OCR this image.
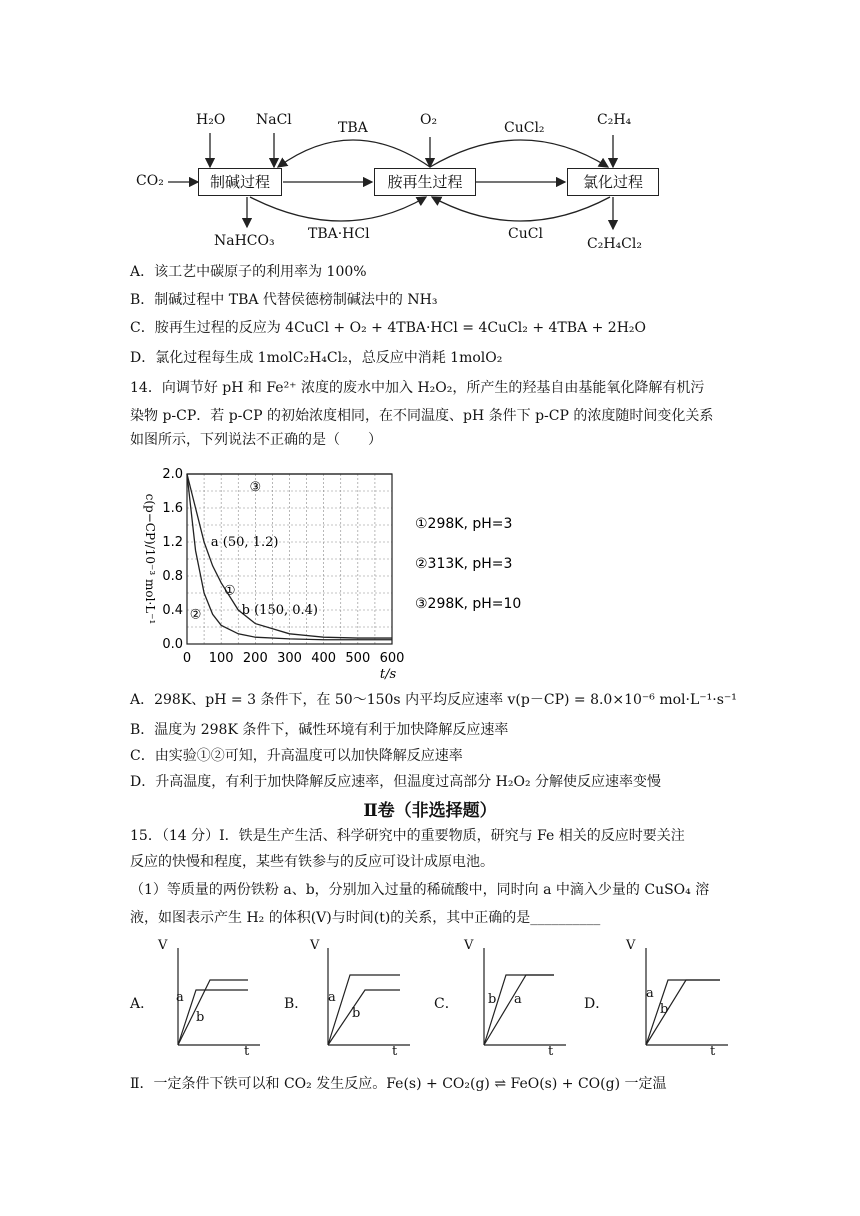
制碱过程	胺再生过程	氯化过程
CO₂
H₂O NaCl
NaHCO₃
TBA
TBA·HCl
O₂	CuCl₂
CuCl
C₂H₄
C₂H₄Cl₂
A．该工艺中碳原子的利用率为 100%
B．制碱过程中 TBA 代替侯德榜制碱法中的 NH₃
C．胺再生过程的反应为 4CuCl + O₂ + 4TBA·HCl = 4CuCl₂ + 4TBA + 2H₂O
D．氯化过程每生成 1molC₂H₄Cl₂，总反应中消耗 1molO₂
14．向调节好 pH 和 Fe²⁺ 浓度的废水中加入 H₂O₂，所产生的羟基自由基能氧化降解有机污
染物 p-CP．若 p-CP 的初始浓度相同，在不同温度、pH 条件下 p-CP 的浓度随时间变化关系
如图所示，下列说法不正确的是（　　）
0 100 200 300 400 500 600
0.0
0.4
0.8
1.2
1.6
2.0
t/s
c(p−CP)/10⁻³ mol·L⁻¹
③
①
②
a (50, 1.2)
b (150, 0.4)
①298K, pH=3
②313K, pH=3
③298K, pH=10
A．298K、pH = 3 条件下，在 50～150s 内平均反应速率 v(p－CP) = 8.0×10⁻⁶ mol·L⁻¹·s⁻¹
B．温度为 298K 条件下，碱性环境有利于加快降解反应速率
C．由实验①②可知，升高温度可以加快降解反应速率
D．升高温度，有利于加快降解反应速率，但温度过高部分 H₂O₂ 分解使反应速率变慢
Ⅱ卷（非选择题）
15．（14 分）Ⅰ．铁是生产生活、科学研究中的重要物质，研究与 Fe 相关的反应时要关注
反应的快慢和程度，某些有铁参与的反应可设计成原电池。
（1）等质量的两份铁粉 a、b，分别加入过量的稀硫酸中，同时向 a 中滴入少量的 CuSO₄ 溶
液，如图表示产生 H₂ 的体积(V)与时间(t)的关系，其中正确的是__________
A．
V
t
a
b
B．
V
t
a
b
C．
V
t
b a	D．
V
t
a
b
Ⅱ．一定条件下铁可以和 CO₂ 发生反应。Fe(s) + CO₂(g) ⇌ FeO(s) + CO(g) 一定温
